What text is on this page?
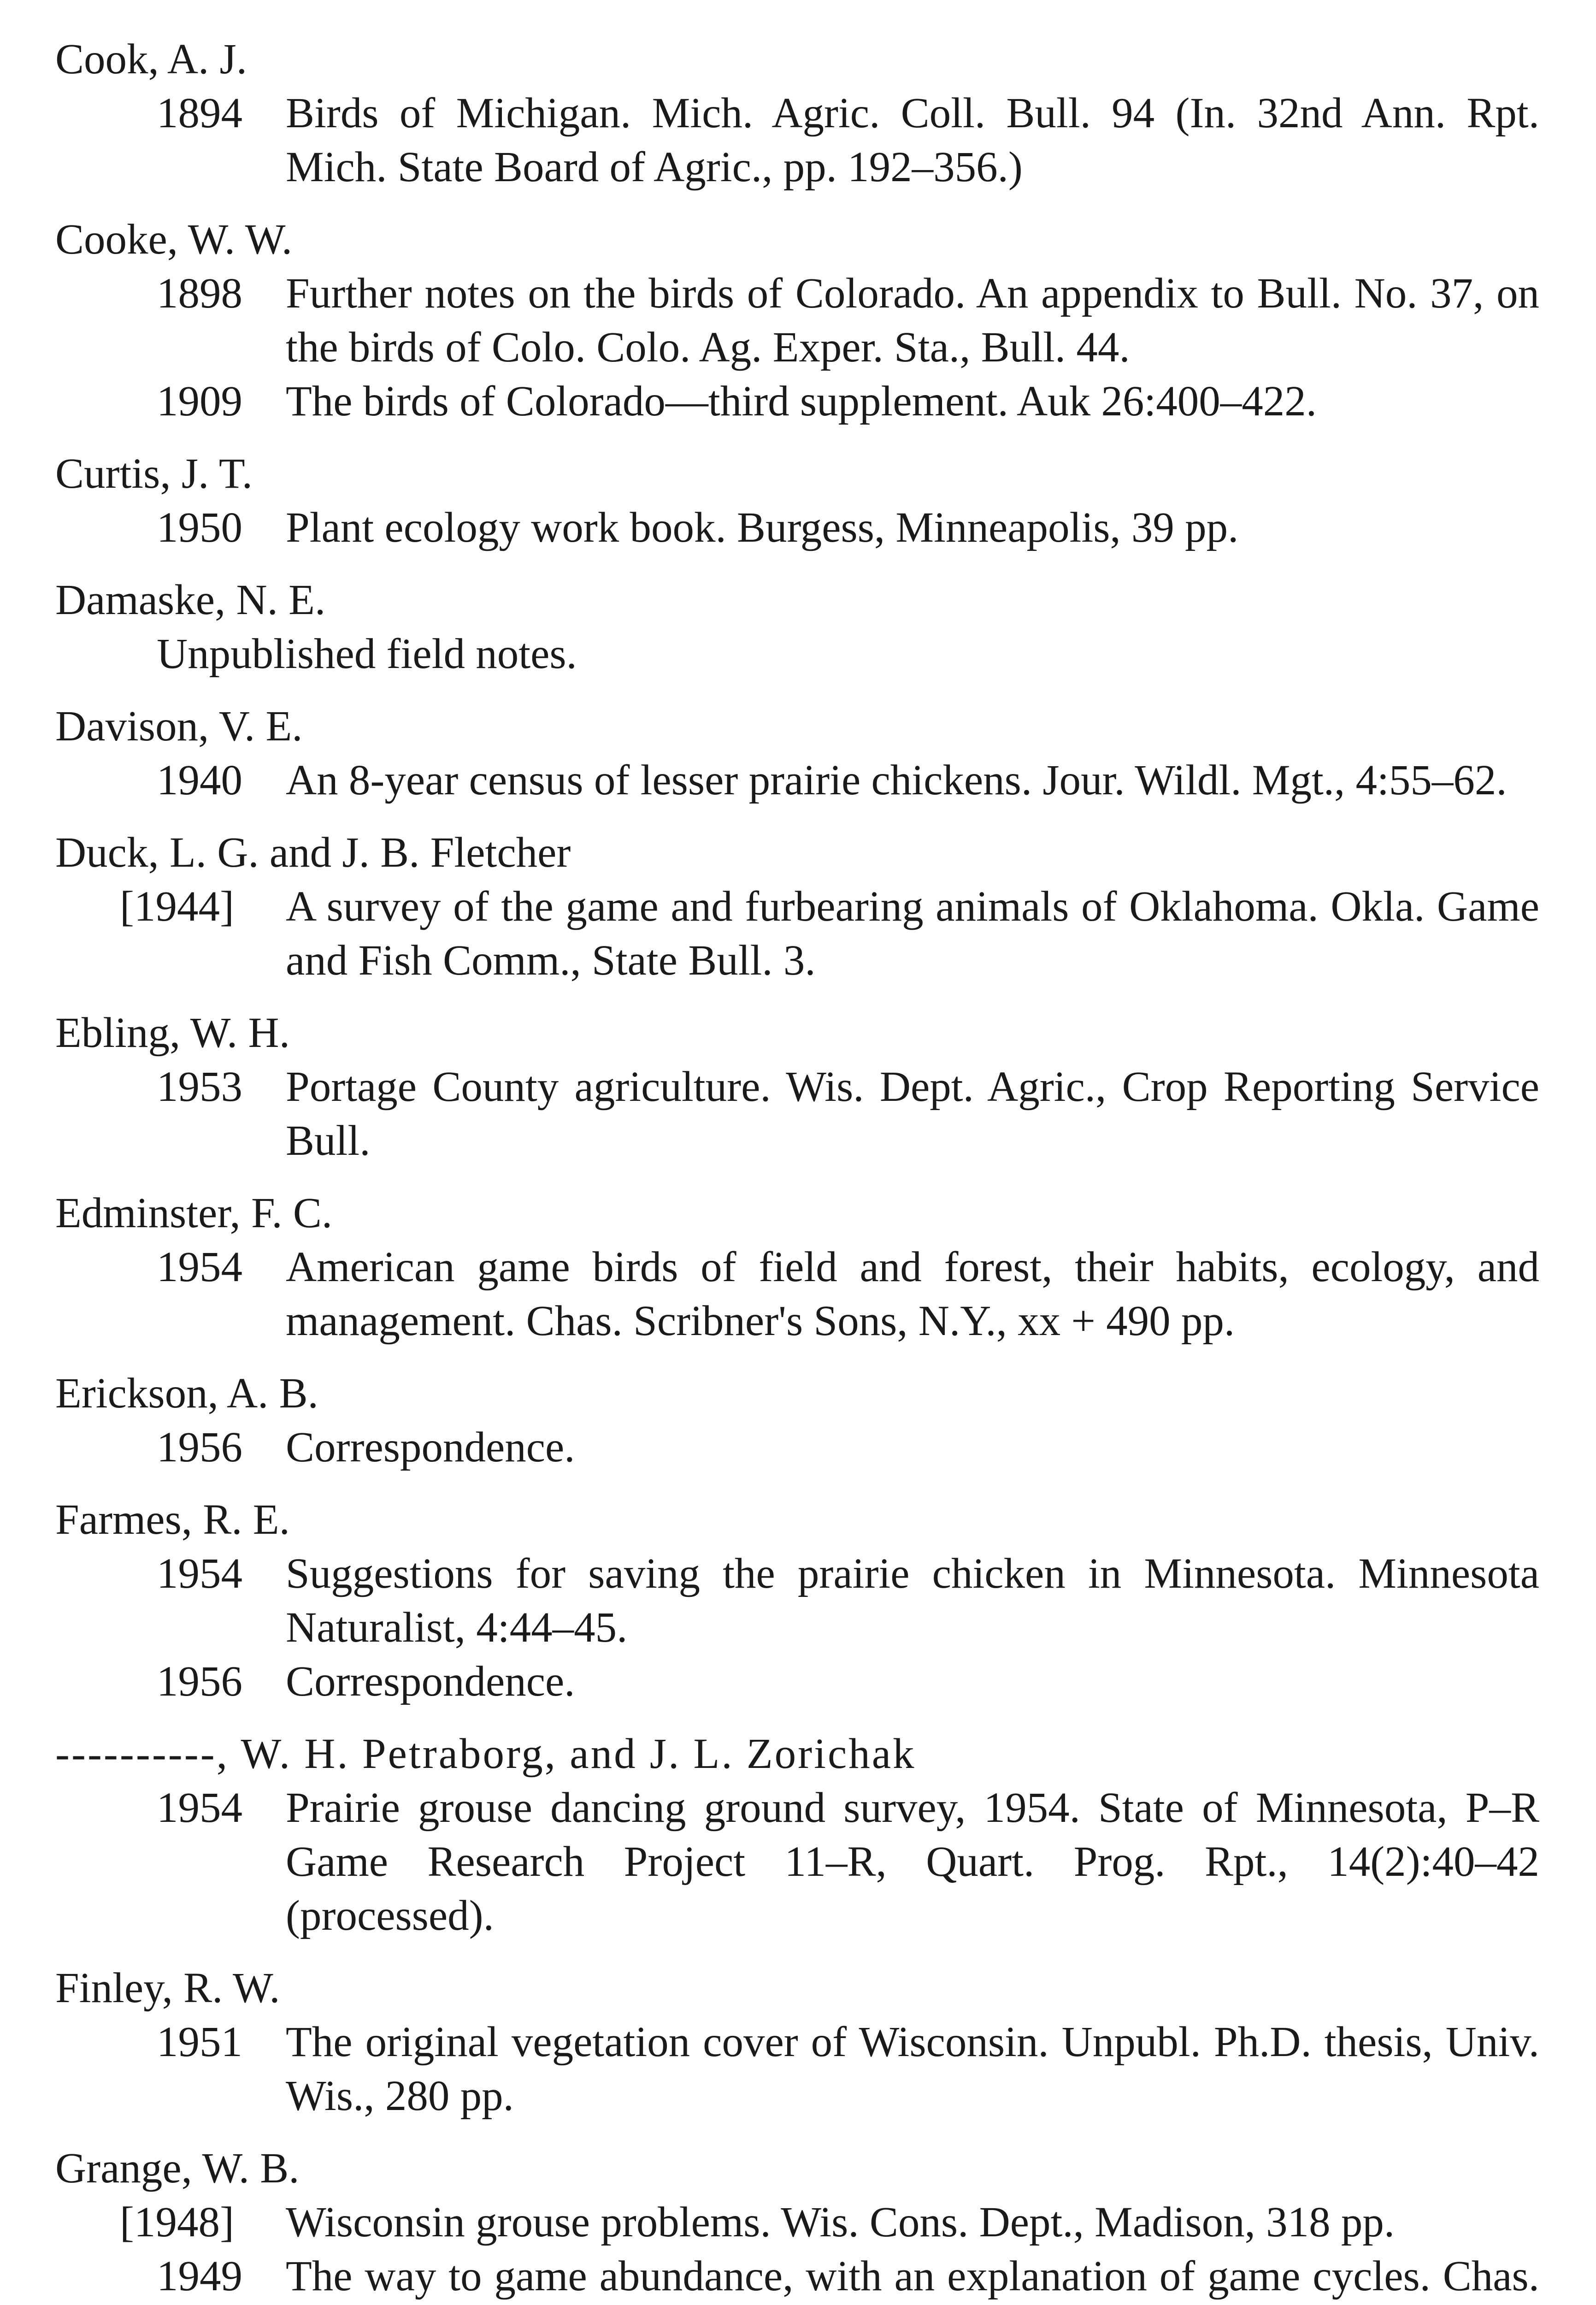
Cook, A. J.
1894	Birds of Michigan. Mich. Agric. Coll. Bull. 94 (In. 32nd Ann. Rpt. Mich. State Board of Agric., pp. 192–356.)
Cooke, W. W.
1898	Further notes on the birds of Colorado. An appendix to Bull. No. 37, on the birds of Colo. Colo. Ag. Exper. Sta., Bull. 44.
1909	The birds of Colorado—third supplement. Auk 26:400–422.
Curtis, J. T.
1950	Plant ecology work book. Burgess, Minneapolis, 39 pp.
Damaske, N. E.
Unpublished field notes.
Davison, V. E.
1940	An 8-year census of lesser prairie chickens. Jour. Wildl. Mgt., 4:55–62.
Duck, L. G. and J. B. Fletcher
[1944]	A survey of the game and furbearing animals of Oklahoma. Okla. Game and Fish Comm., State Bull. 3.
Ebling, W. H.
1953	Portage County agriculture. Wis. Dept. Agric., Crop Reporting Service Bull.
Edminster, F. C.
1954	American game birds of field and forest, their habits, ecology, and management. Chas. Scribner's Sons, N.Y., xx + 490 pp.
Erickson, A. B.
1956	Correspondence.
Farmes, R. E.
1954	Suggestions for saving the prairie chicken in Minnesota. Minnesota Naturalist, 4:44–45.
1956	Correspondence.
----------, W. H. Petraborg, and J. L. Zorichak
1954	Prairie grouse dancing ground survey, 1954. State of Minnesota, P–R Game Research Project 11–R, Quart. Prog. Rpt., 14(2):40–42 (processed).
Finley, R. W.
1951	The original vegetation cover of Wisconsin. Unpubl. Ph.D. thesis, Univ. Wis., 280 pp.
Grange, W. B.
[1948]	Wisconsin grouse problems. Wis. Cons. Dept., Madison, 318 pp.
1949	The way to game abundance, with an explanation of game cycles. Chas.
